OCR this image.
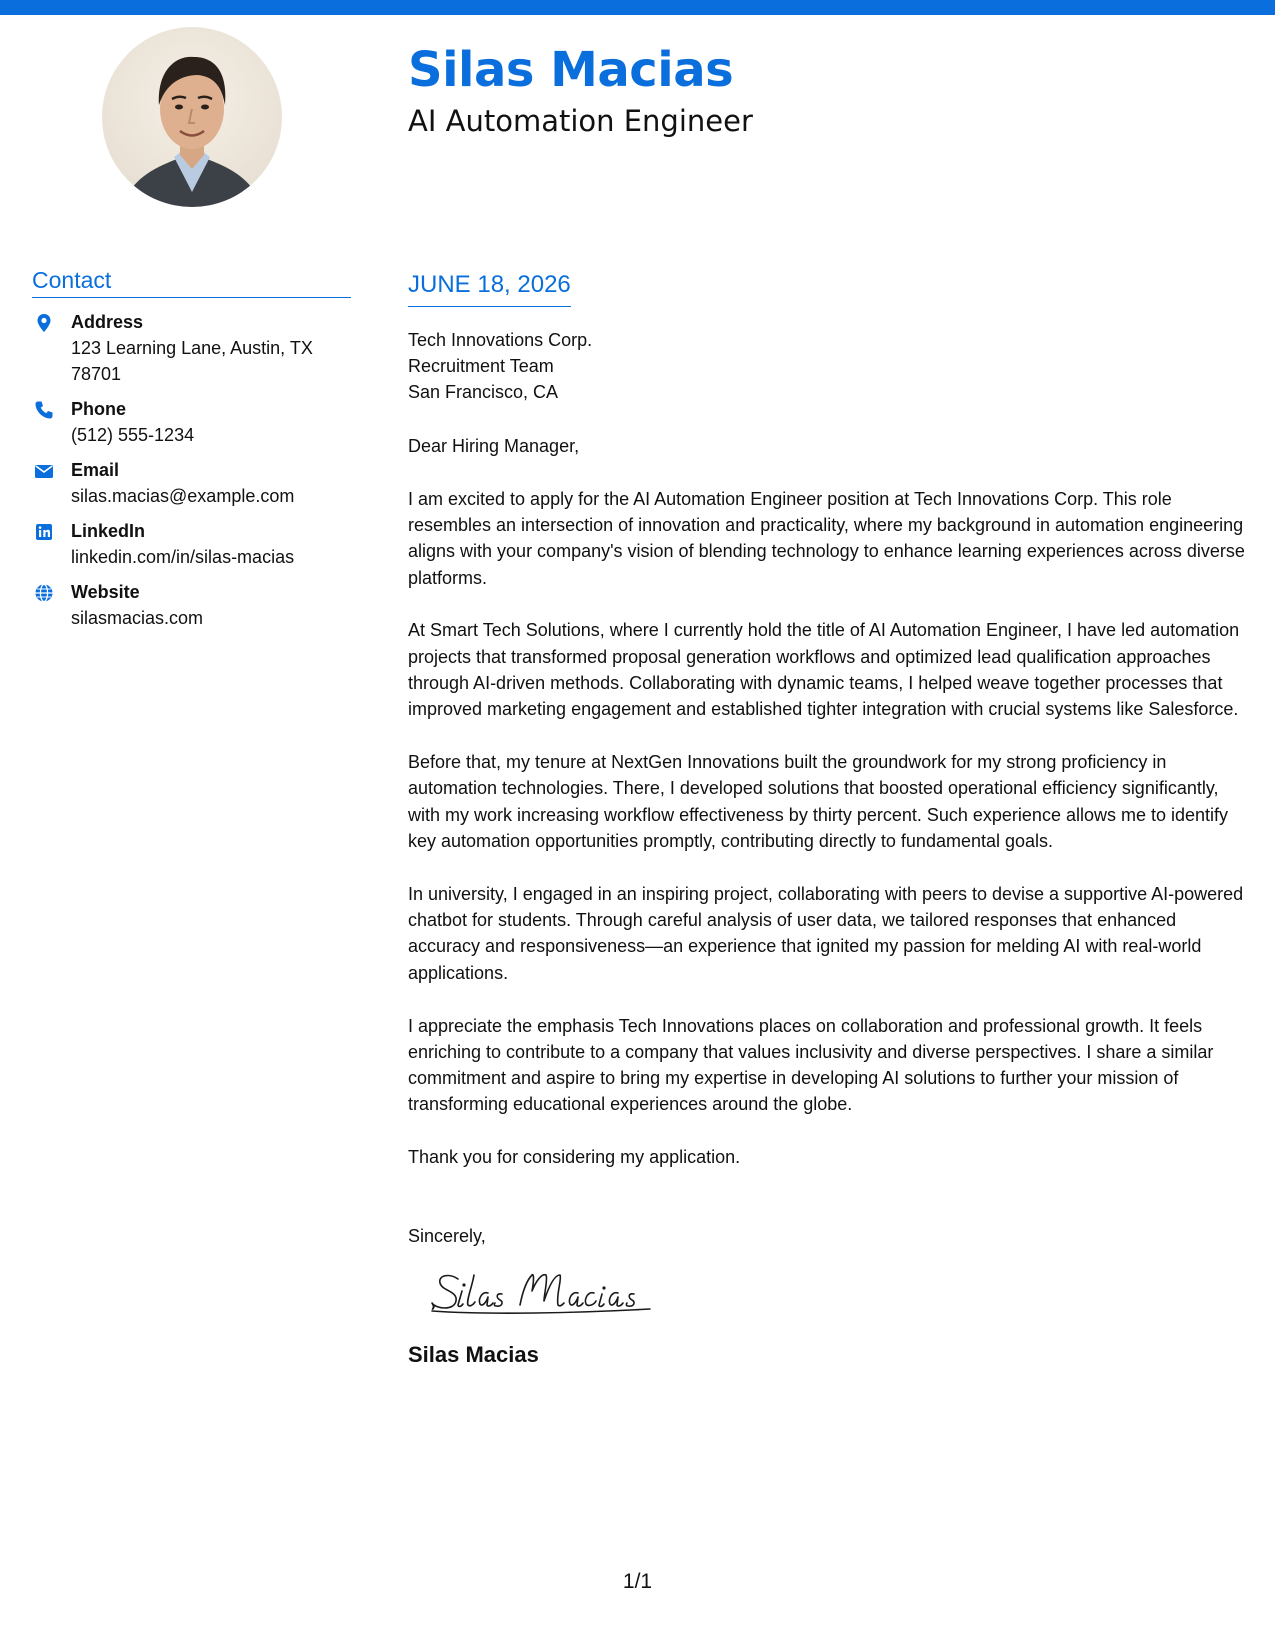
Silas Macias
AI Automation Engineer
Contact
Address
123 Learning Lane, Austin, TX 78701
Phone
(512) 555-1234
Email
silas.macias@example.com
LinkedIn
linkedin.com/in/silas-macias
Website
silasmacias.com
JUNE 18, 2026
Tech Innovations Corp.
Recruitment Team
San Francisco, CA

Dear Hiring Manager,

I am excited to apply for the AI Automation Engineer position at Tech Innovations Corp. This role resembles an intersection of innovation and practicality, where my background in automation engineering aligns with your company's vision of blending technology to enhance learning experiences across diverse platforms.

At Smart Tech Solutions, where I currently hold the title of AI Automation Engineer, I have led automation projects that transformed proposal generation workflows and optimized lead qualification approaches through AI-driven methods. Collaborating with dynamic teams, I helped weave together processes that improved marketing engagement and established tighter integration with crucial systems like Salesforce.

Before that, my tenure at NextGen Innovations built the groundwork for my strong proficiency in automation technologies. There, I developed solutions that boosted operational efficiency significantly, with my work increasing workflow effectiveness by thirty percent. Such experience allows me to identify key automation opportunities promptly, contributing directly to fundamental goals.

In university, I engaged in an inspiring project, collaborating with peers to devise a supportive AI-powered chatbot for students. Through careful analysis of user data, we tailored responses that enhanced accuracy and responsiveness—an experience that ignited my passion for melding AI with real-world applications.

I appreciate the emphasis Tech Innovations places on collaboration and professional growth. It feels enriching to contribute to a company that values inclusivity and diverse perspectives. I share a similar commitment and aspire to bring my expertise in developing AI solutions to further your mission of transforming educational experiences around the globe.

Thank you for considering my application.

Sincerely,
Silas Macias
1/1
